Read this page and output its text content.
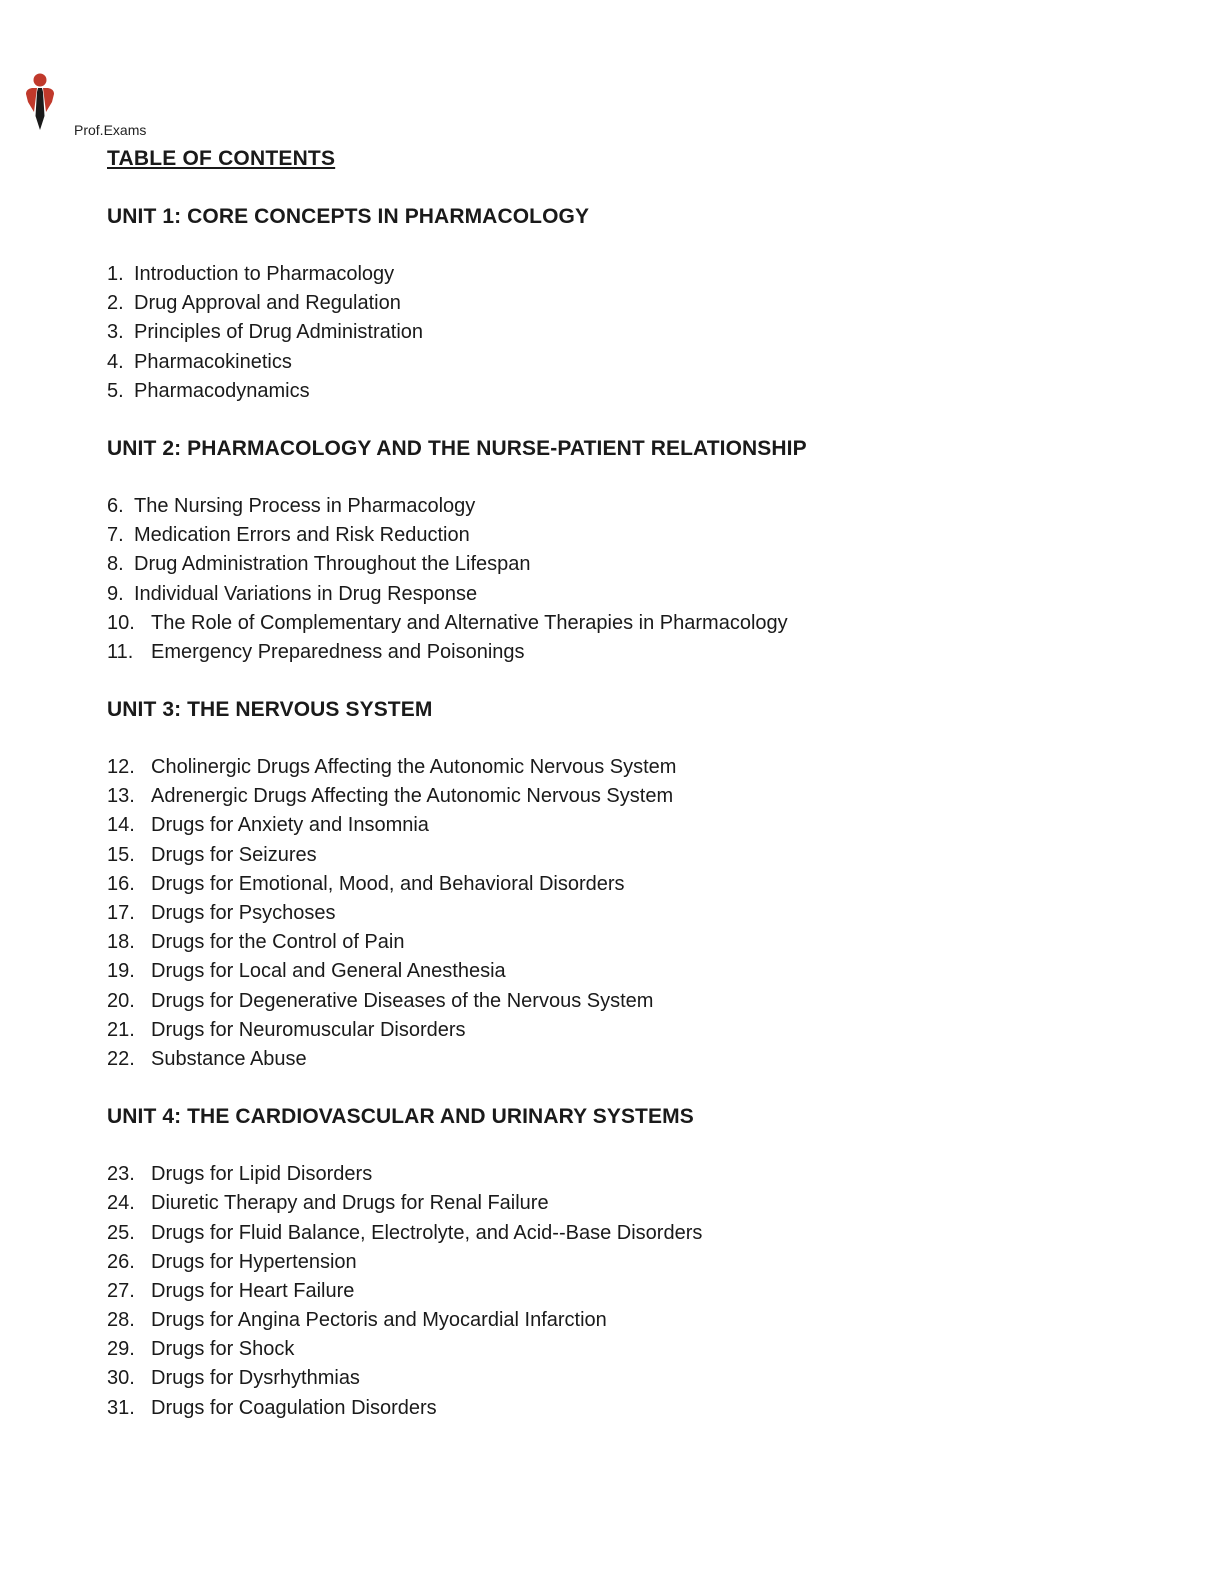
Prof.Exams
TABLE OF CONTENTS
UNIT 1: CORE CONCEPTS IN PHARMACOLOGY
1. Introduction to Pharmacology
2. Drug Approval and Regulation
3. Principles of Drug Administration
4. Pharmacokinetics
5. Pharmacodynamics
UNIT 2: PHARMACOLOGY AND THE NURSE-PATIENT RELATIONSHIP
6. The Nursing Process in Pharmacology
7. Medication Errors and Risk Reduction
8. Drug Administration Throughout the Lifespan
9. Individual Variations in Drug Response
10. The Role of Complementary and Alternative Therapies in Pharmacology
11. Emergency Preparedness and Poisonings
UNIT 3: THE NERVOUS SYSTEM
12. Cholinergic Drugs Affecting the Autonomic Nervous System
13. Adrenergic Drugs Affecting the Autonomic Nervous System
14. Drugs for Anxiety and Insomnia
15. Drugs for Seizures
16. Drugs for Emotional, Mood, and Behavioral Disorders
17. Drugs for Psychoses
18. Drugs for the Control of Pain
19. Drugs for Local and General Anesthesia
20. Drugs for Degenerative Diseases of the Nervous System
21. Drugs for Neuromuscular Disorders
22. Substance Abuse
UNIT 4: THE CARDIOVASCULAR AND URINARY SYSTEMS
23. Drugs for Lipid Disorders
24. Diuretic Therapy and Drugs for Renal Failure
25. Drugs for Fluid Balance, Electrolyte, and Acid--Base Disorders
26. Drugs for Hypertension
27. Drugs for Heart Failure
28. Drugs for Angina Pectoris and Myocardial Infarction
29. Drugs for Shock
30. Drugs for Dysrhythmias
31. Drugs for Coagulation Disorders
